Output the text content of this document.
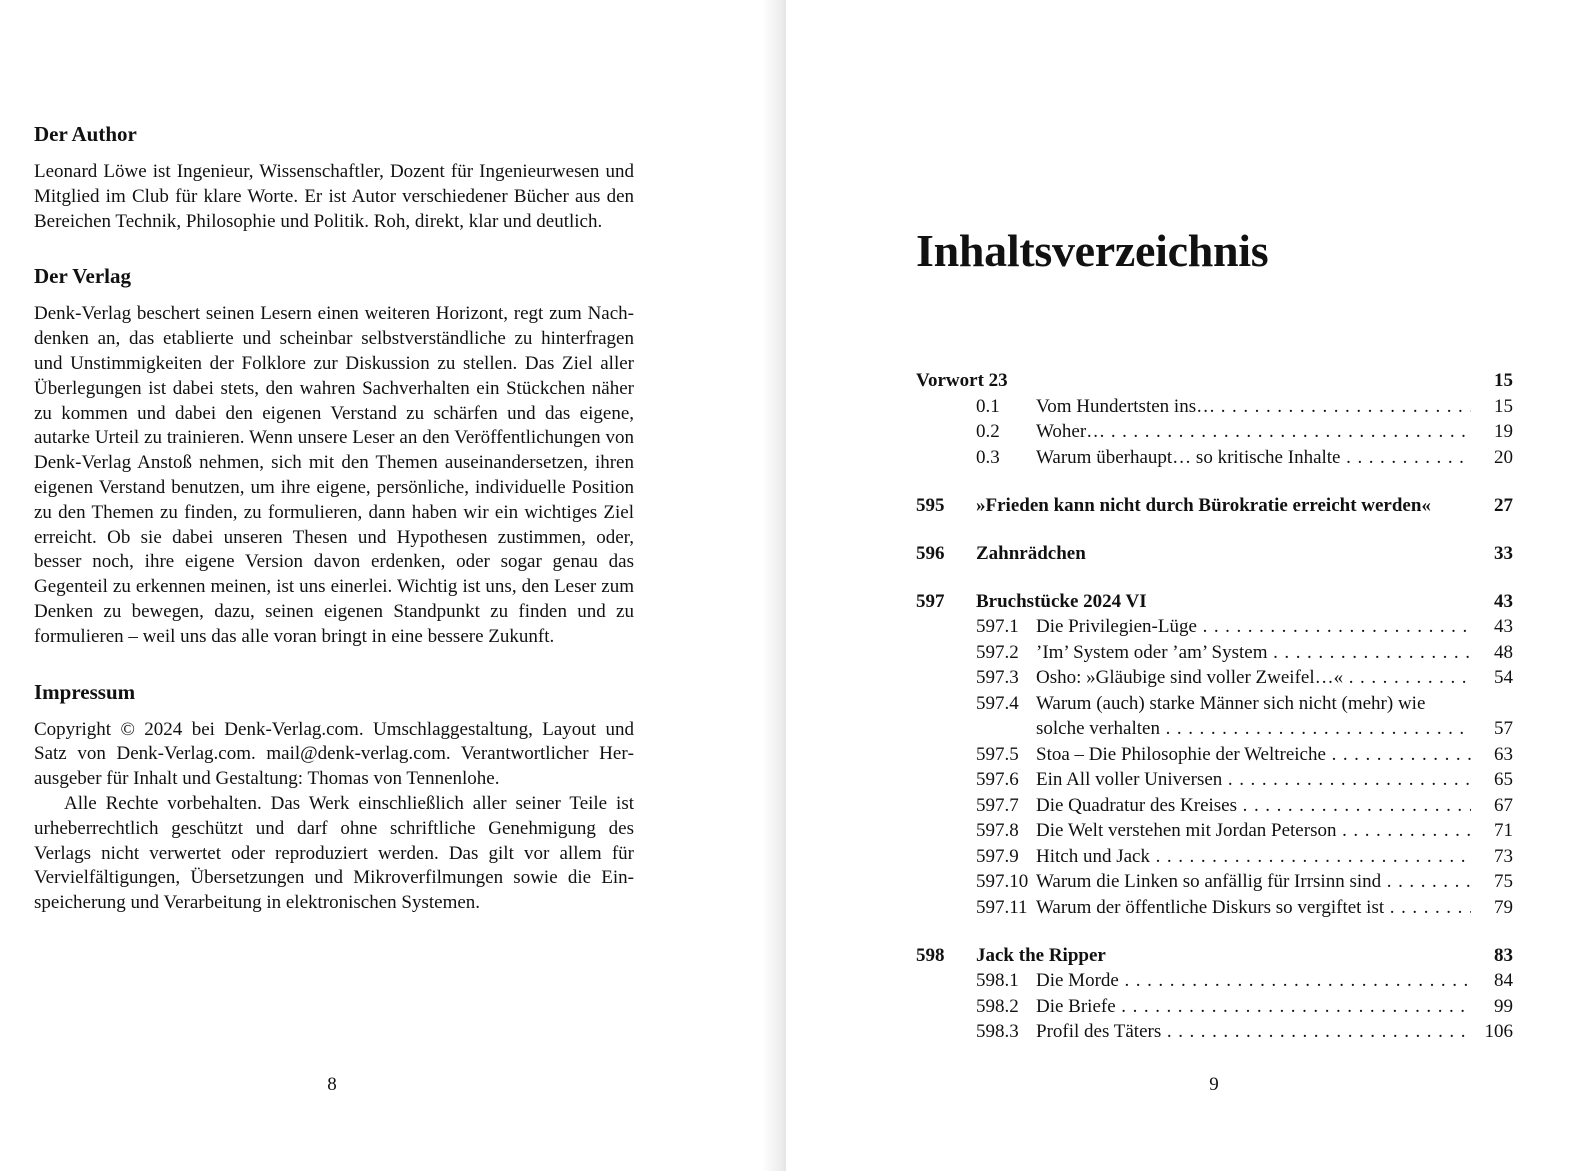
Der Author

Leonard Löwe ist Ingenieur, Wissenschaftler, Dozent für Ingenieurwesen und Mitglied im Club für klare Worte. Er ist Autor verschiedener Bücher aus den Bereichen Technik, Philosophie und Politik. Roh, direkt, klar und deutlich.

Der Verlag

Denk-Verlag beschert seinen Lesern einen weiteren Horizont, regt zum Nachdenken an, das etablierte und scheinbar selbstverständliche zu hinterfragen und Unstimmigkeiten der Folklore zur Diskussion zu stellen. Das Ziel aller Überlegungen ist dabei stets, den wahren Sachverhalten ein Stückchen näher zu kommen und dabei den eigenen Verstand zu schärfen und das eigene, autarke Urteil zu trainieren. Wenn unsere Leser an den Veröffentlichungen von Denk-Verlag Anstoß nehmen, sich mit den Themen auseinandersetzen, ihren eigenen Verstand benutzen, um ihre eigene, persönliche, individuelle Position zu den Themen zu finden, zu formulieren, dann haben wir ein wichtiges Ziel erreicht. Ob sie dabei unseren Thesen und Hypothesen zustimmen, oder, besser noch, ihre eigene Version davon erdenken, oder sogar genau das Gegenteil zu erkennen meinen, ist uns einerlei. Wichtig ist uns, den Leser zum Denken zu bewegen, dazu, seinen eigenen Standpunkt zu finden und zu formulieren – weil uns das alle voran bringt in eine bessere Zukunft.

Impressum

Copyright © 2024 bei Denk-Verlag.com. Umschlaggestaltung, Layout und Satz von Denk-Verlag.com. mail@denk-verlag.com. Verantwortlicher Herausgeber für Inhalt und Gestaltung: Thomas von Tennenlohe.

Alle Rechte vorbehalten. Das Werk einschließlich aller seiner Teile ist urheberrechtlich geschützt und darf ohne schriftliche Genehmigung des Verlags nicht verwertet oder reproduziert werden. Das gilt vor allem für Vervielfältigungen, Übersetzungen und Mikroverfilmungen sowie die Einspeicherung und Verarbeitung in elektronischen Systemen.

8
Inhaltsverzeichnis
Vorwort 23	15
0.1	Vom Hundertsten ins… . . .	15
0.2	Woher… . . .	19
0.3	Warum überhaupt… so kritische Inhalte . . .	20
595	»Frieden kann nicht durch Bürokratie erreicht werden«	27
596	Zahnrädchen	33
597	Bruchstücke 2024 VI	43
597.1 Die Privilegien-Lüge . . .	43
597.2 ’Im’ System oder ’am’ System . . .	48
597.3 Osho: »Gläubige sind voller Zweifel…« . . .	54
597.4 Warum (auch) starke Männer sich nicht (mehr) wie
solche verhalten . . .	57
597.5 Stoa – Die Philosophie der Weltreiche . . .	63
597.6 Ein All voller Universen . . .	65
597.7 Die Quadratur des Kreises . . .	67
597.8 Die Welt verstehen mit Jordan Peterson . . .	71
597.9 Hitch und Jack . . .	73
597.10 Warum die Linken so anfällig für Irrsinn sind . . .	75
597.11 Warum der öffentliche Diskurs so vergiftet ist . . .	79
598	Jack the Ripper	83
598.1 Die Morde . . .	84
598.2 Die Briefe . . .	99
598.3 Profil des Täters . . .	106
9
